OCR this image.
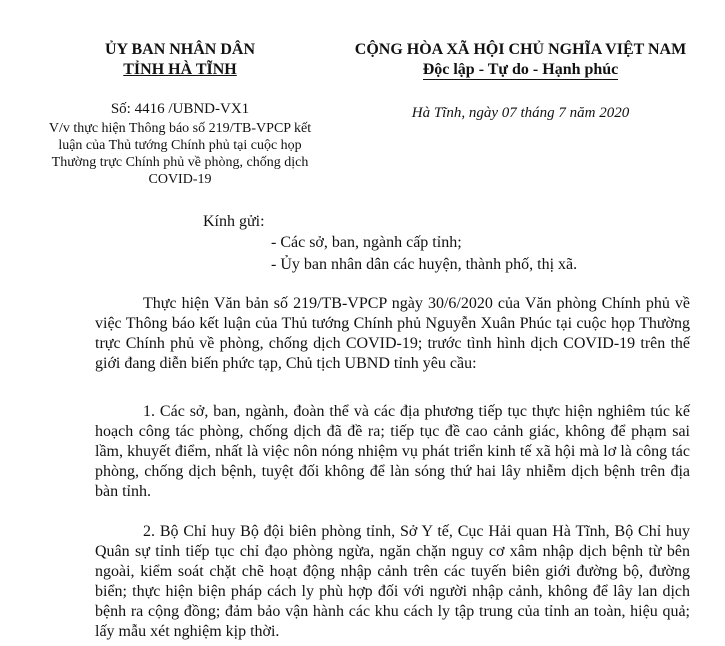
ỦY BAN NHÂN DÂN
TỈNH HÀ TĨNH
Số: 4416 /UBND-VX1
V/v thực hiện Thông báo số 219/TB-VPCP kết luận của Thủ tướng Chính phủ tại cuộc họp Thường trực Chính phủ về phòng, chống dịch COVID-19
CỘNG HÒA XÃ HỘI CHỦ NGHĨA VIỆT NAM
Độc lập - Tự do - Hạnh phúc
Hà Tĩnh, ngày 07 tháng 7 năm 2020
Kính gửi:
- Các sở, ban, ngành cấp tỉnh;
- Ủy ban nhân dân các huyện, thành phố, thị xã.
Thực hiện Văn bản số 219/TB-VPCP ngày 30/6/2020 của Văn phòng Chính phủ về việc Thông báo kết luận của Thủ tướng Chính phủ Nguyễn Xuân Phúc tại cuộc họp Thường trực Chính phủ về phòng, chống dịch COVID-19; trước tình hình dịch COVID-19 trên thế giới đang diễn biến phức tạp, Chủ tịch UBND tỉnh yêu cầu:
1. Các sở, ban, ngành, đoàn thể và các địa phương tiếp tục thực hiện nghiêm túc kế hoạch công tác phòng, chống dịch đã đề ra; tiếp tục đề cao cảnh giác, không để phạm sai lầm, khuyết điểm, nhất là việc nôn nóng nhiệm vụ phát triển kinh tế xã hội mà lơ là công tác phòng, chống dịch bệnh, tuyệt đối không để làn sóng thứ hai lây nhiễm dịch bệnh trên địa bàn tỉnh.
2. Bộ Chỉ huy Bộ đội biên phòng tỉnh, Sở Y tế, Cục Hải quan Hà Tĩnh, Bộ Chỉ huy Quân sự tỉnh tiếp tục chỉ đạo phòng ngừa, ngăn chặn nguy cơ xâm nhập dịch bệnh từ bên ngoài, kiểm soát chặt chẽ hoạt động nhập cảnh trên các tuyến biên giới đường bộ, đường biển; thực hiện biện pháp cách ly phù hợp đối với người nhập cảnh, không để lây lan dịch bệnh ra cộng đồng; đảm bảo vận hành các khu cách ly tập trung của tỉnh an toàn, hiệu quả; lấy mẫu xét nghiệm kịp thời.
